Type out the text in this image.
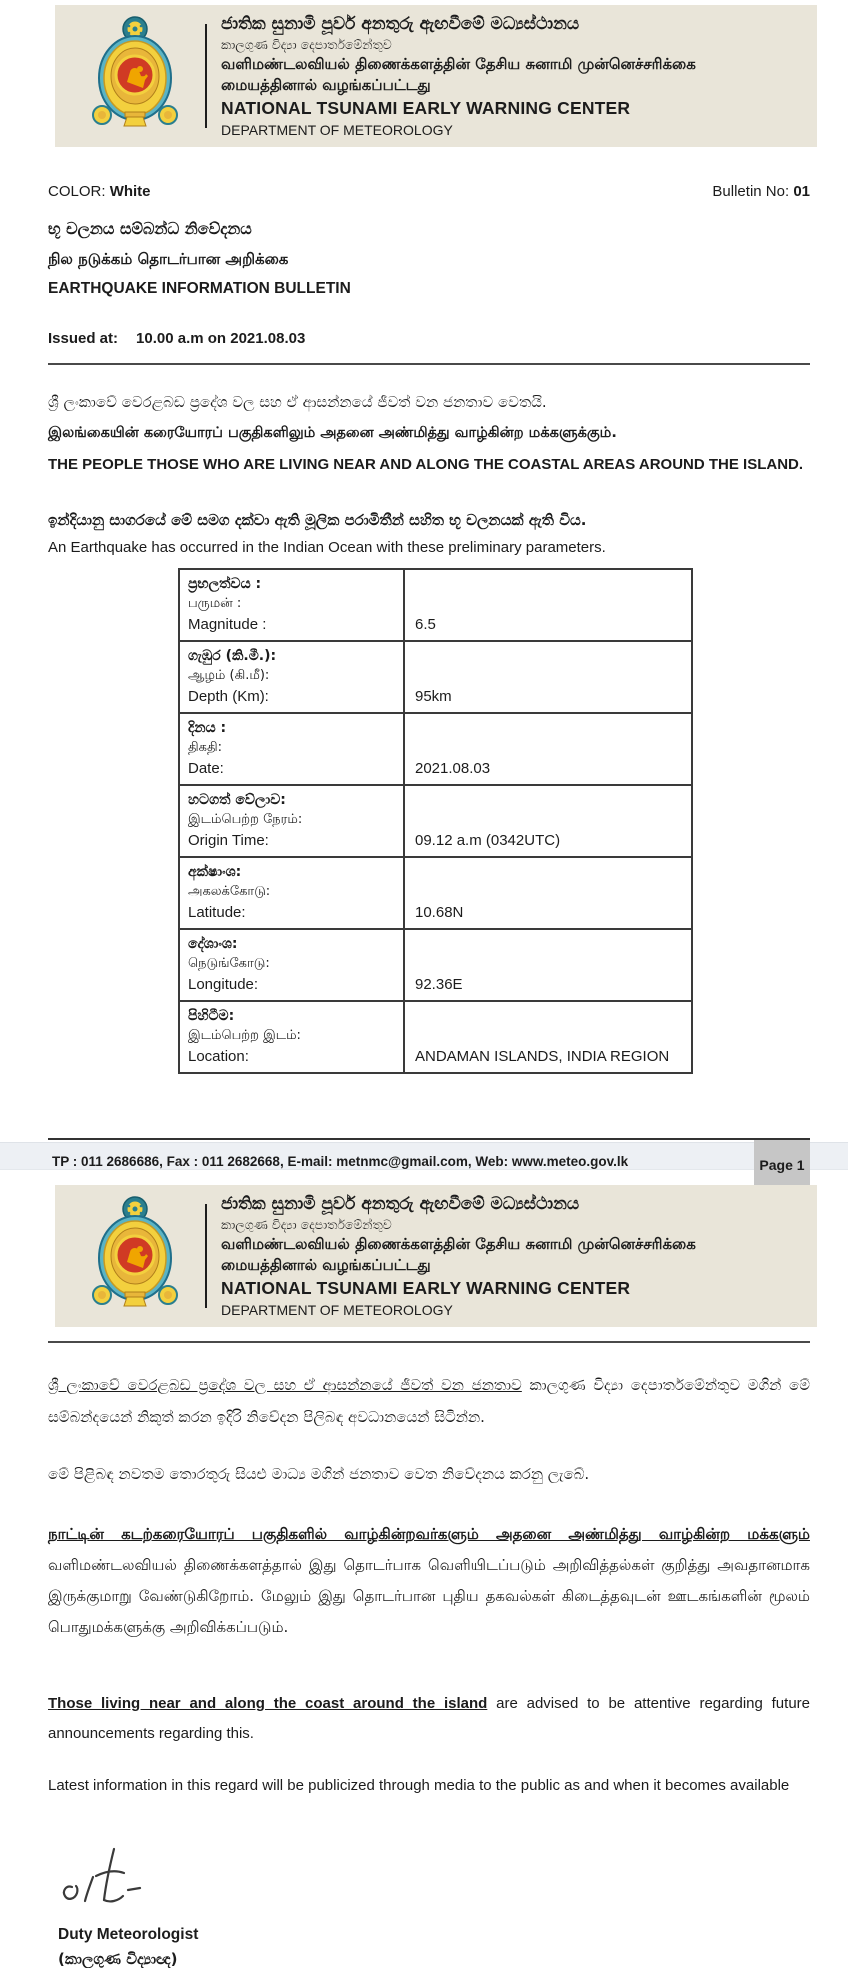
ජාතික සුනාමි පූර්ව අනතුරු ඇඟවීමේ මධ්‍යස්ථානය
කාලගුණ විද්‍යා දෙපාර්තමේන්තුව
வளிமண்டலவியல் திணைக்களத்தின் தேசிய சுனாமி முன்னெச்சரிக்கை
மையத்தினால் வழங்கப்பட்டது
NATIONAL TSUNAMI EARLY WARNING CENTER
DEPARTMENT OF METEOROLOGY
COLOR: White	Bulletin No: 01
භූ චලනය සම්බන්ධ නිවේදනය
நில நடுக்கம் தொடர்பான அறிக்கை
EARTHQUAKE INFORMATION BULLETIN
Issued at: 10.00 a.m on 2021.08.03
ශ්‍රී ලංකාවේ වෙරළබඩ ප්‍රදේශ වල සහ ඒ ආසන්නයේ ජීවත් වන ජනතාව වෙතයි.
இலங்கையின் கரையோரப் பகுதிகளிலும் அதனை அண்மித்து வாழ்கின்ற மக்களுக்கும்.
THE PEOPLE THOSE WHO ARE LIVING NEAR AND ALONG THE COASTAL AREAS AROUND THE ISLAND.
ඉන්දියානු සාගරයේ මේ සමග දක්වා ඇති මූලික පරාමිතීන් සහිත භූ චලනයක් ඇති විය.
An Earthquake has occurred in the Indian Ocean with these preliminary parameters.
ප්‍රභලත්වය :
பருமன் :
Magnitude :	6.5

ගැඹුර (කි.මී.):
ஆழம் (கி.மீ):
Depth (Km):	95km

දිනය :
திகதி:
Date:	2021.08.03

හටගත් වේලාව:
இடம்பெற்ற நேரம்:
Origin Time:	09.12 a.m (0342UTC)

අක්ෂාංශ:
அகலக்கோடு:
Latitude:	10.68N

දේශාංශ:
நெடுங்கோடு:
Longitude:	92.36E

පිහිටීම:
இடம்பெற்ற இடம்:
Location:	ANDAMAN ISLANDS, INDIA REGION
TP : 011 2686686, Fax : 011 2682668, E-mail: metnmc@gmail.com, Web: www.meteo.gov.lk	Page 1
ජාතික සුනාමි පූර්ව අනතුරු ඇඟවීමේ මධ්‍යස්ථානය
කාලගුණ විද්‍යා දෙපාර්තමේන්තුව
வளிமண்டலவியல் திணைக்களத்தின் தேசிய சுனாமி முன்னெச்சரிக்கை
மையத்தினால் வழங்கப்பட்டது
NATIONAL TSUNAMI EARLY WARNING CENTER
DEPARTMENT OF METEOROLOGY
ශ්‍රී ලංකාවේ වෙරළබඩ ප්‍රදේශ වල සහ ඒ ආසන්නයේ ජීවත් වන ජනතාව කාලගුණ විද්‍යා දෙපාර්තමේන්තුව මගින් මේ සම්බන්දයෙන් නිකුත් කරන ඉදිරි නිවේදන පිලිබඳ අවධානයෙන් සිටින්න.
මේ පිළිබඳ නවතම තොරතුරු සියළු මාධ්‍ය මගින් ජනතාව වෙත නිවේදනය කරනු ලැබේ.
நாட்டின் கடற்கரையோரப் பகுதிகளில் வாழ்கின்றவர்களும் அதனை அண்மித்து வாழ்கின்ற மக்களும் வளிமண்டலவியல் திணைக்களத்தால் இது தொடர்பாக வெளியிடப்படும் அறிவித்தல்கள் குறித்து அவதானமாக இருக்குமாறு வேண்டுகிறோம். மேலும் இது தொடர்பான புதிய தகவல்கள் கிடைத்தவுடன் ஊடகங்களின் மூலம் பொதுமக்களுக்கு அறிவிக்கப்படும்.
Those living near and along the coast around the island are advised to be attentive regarding future announcements regarding this.
Latest information in this regard will be publicized through media to the public as and when it becomes available
Duty Meteorologist
(කාලගුණ විද්‍යාඥ)
